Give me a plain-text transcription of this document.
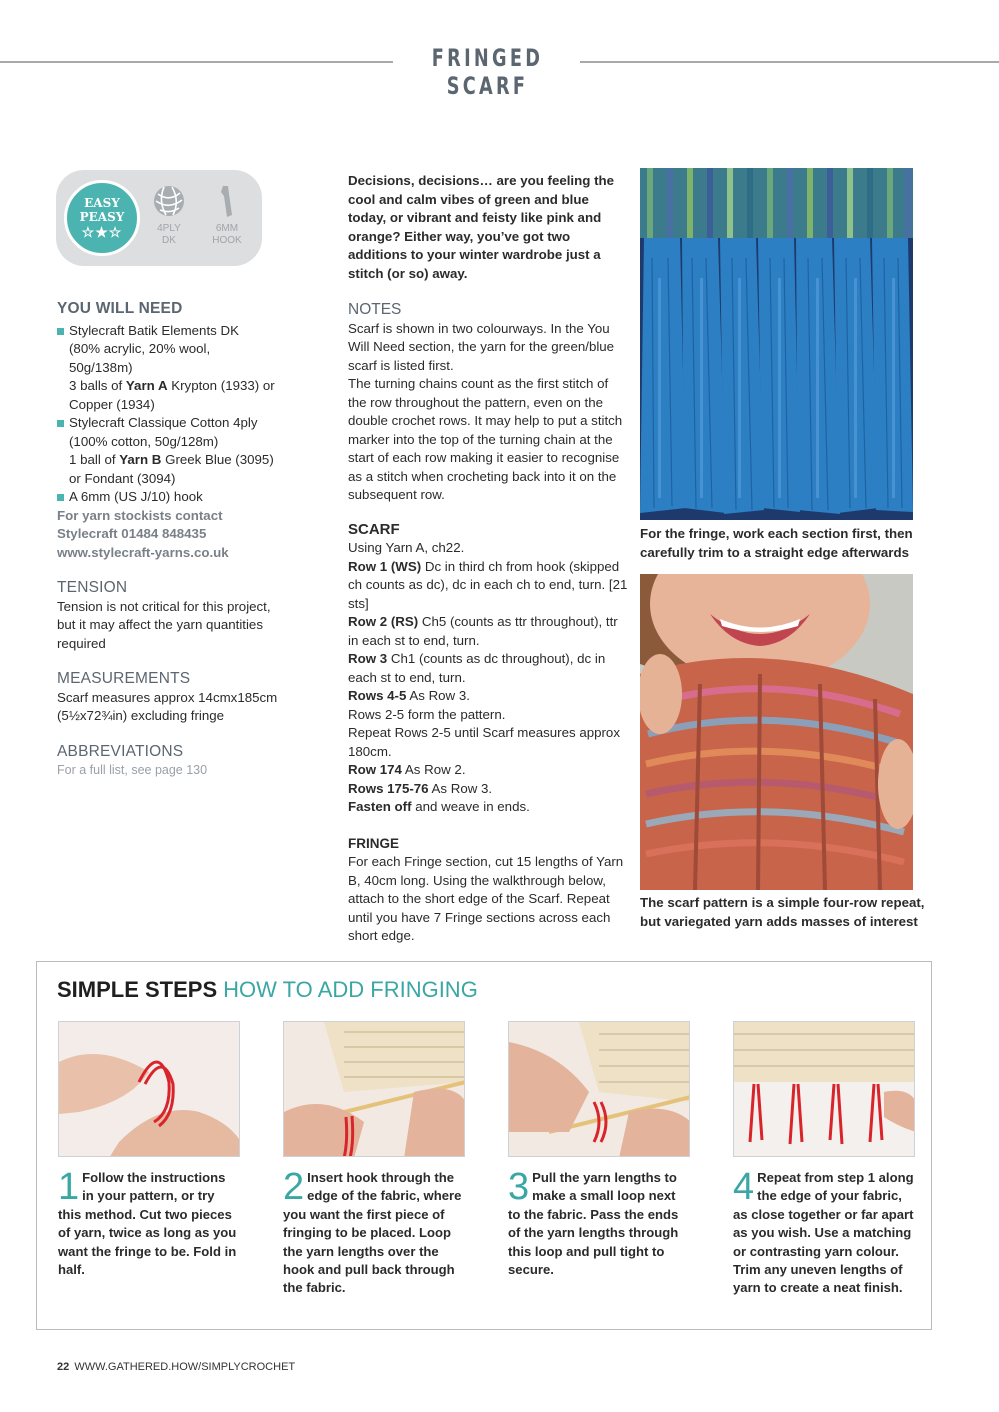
FRINGED SCARF
EASY
PEASY
☆★☆	4PLY
DK
6MM
HOOK
YOU WILL NEED
Stylecraft Batik Elements DK
(80% acrylic, 20% wool,
50g/138m)
3 balls of Yarn A Krypton (1933) or
Copper (1934)
Stylecraft Classique Cotton 4ply
(100% cotton, 50g/128m)
1 ball of Yarn B Greek Blue (3095)
or Fondant (3094)
A 6mm (US J/10) hook
For yarn stockists contact
Stylecraft 01484 848435
www.stylecraft-yarns.co.uk
TENSION
Tension is not critical for this project, but it may affect the yarn quantities required
MEASUREMENTS
Scarf measures approx 14cmx185cm (5½x72¾in) excluding fringe
ABBREVIATIONS
For a full list, see page 130
Decisions, decisions… are you feeling the cool and calm vibes of green and blue today, or vibrant and feisty like pink and orange? Either way, you’ve got two additions to your winter wardrobe just a stitch (or so) away.
NOTES
Scarf is shown in two colourways. In the You Will Need section, the yarn for the green/blue scarf is listed first.
The turning chains count as the first stitch of the row throughout the pattern, even on the double crochet rows. It may help to put a stitch marker into the top of the turning chain at the start of each row making it easier to recognise as a stitch when crocheting back into it on the subsequent row.
SCARF
Using Yarn A, ch22.
Row 1 (WS) Dc in third ch from hook (skipped ch counts as dc), dc in each ch to end, turn. [21 sts]
Row 2 (RS) Ch5 (counts as ttr throughout), ttr in each st to end, turn.
Row 3 Ch1 (counts as dc throughout), dc in each st to end, turn.
Rows 4-5 As Row 3.
Rows 2-5 form the pattern.
Repeat Rows 2-5 until Scarf measures approx 180cm.
Row 174 As Row 2.
Rows 175-76 As Row 3.
Fasten off and weave in ends.
FRINGE
For each Fringe section, cut 15 lengths of Yarn B, 40cm long. Using the walkthrough below, attach to the short edge of the Scarf. Repeat until you have 7 Fringe sections across each short edge.
For the fringe, work each section first, then carefully trim to a straight edge afterwards
The scarf pattern is a simple four-row repeat, but variegated yarn adds masses of interest
SIMPLE STEPS HOW TO ADD FRINGING
1 Follow the instructions in your pattern, or try this method. Cut two pieces of yarn, twice as long as you want the fringe to be. Fold in half.
2 Insert hook through the edge of the fabric, where you want the first piece of fringing to be placed. Loop the yarn lengths over the hook and pull back through the fabric.
3 Pull the yarn lengths to make a small loop next to the fabric. Pass the ends of the yarn lengths through this loop and pull tight to secure.
4 Repeat from step 1 along the edge of your fabric, as close together or far apart as you wish. Use a matching or contrasting yarn colour. Trim any uneven lengths of yarn to create a neat finish.
22 WWW.GATHERED.HOW/SIMPLYCROCHET
